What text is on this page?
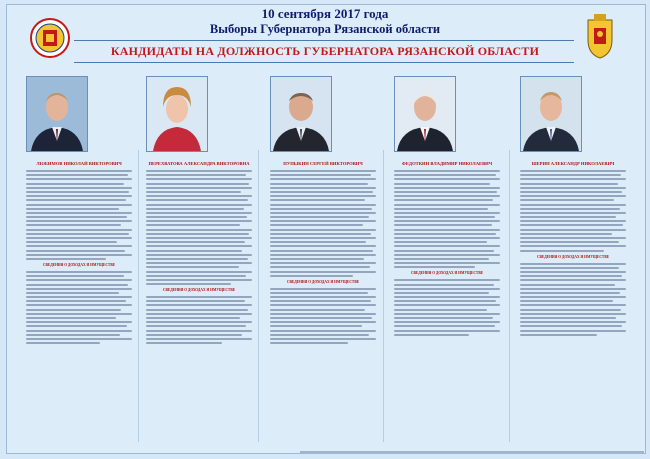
10 сентября 2017 года
Выборы Губернатора Рязанской области
КАНДИДАТЫ НА ДОЛЖНОСТЬ ГУБЕРНАТОРА РЯЗАНСКОЙ ОБЛАСТИ
ЛЮБИМОВ НИКОЛАЙ ВИКТОРОВИЧ
СВЕДЕНИЯ О ДОХОДАХ И ИМУЩЕСТВЕ
ПЕРЕХВАТОВА АЛЕКСАНДРА ВИКТОРОВНА
СВЕДЕНИЯ О ДОХОДАХ И ИМУЩЕСТВЕ
ПУПЫКИН СЕРГЕЙ ВИКТОРОВИЧ
СВЕДЕНИЯ О ДОХОДАХ И ИМУЩЕСТВЕ
ФЕДОТКИН ВЛАДИМИР НИКОЛАЕВИЧ
СВЕДЕНИЯ О ДОХОДАХ И ИМУЩЕСТВЕ
ШЕРИН АЛЕКСАНДР НИКОЛАЕВИЧ
СВЕДЕНИЯ О ДОХОДАХ И ИМУЩЕСТВЕ
